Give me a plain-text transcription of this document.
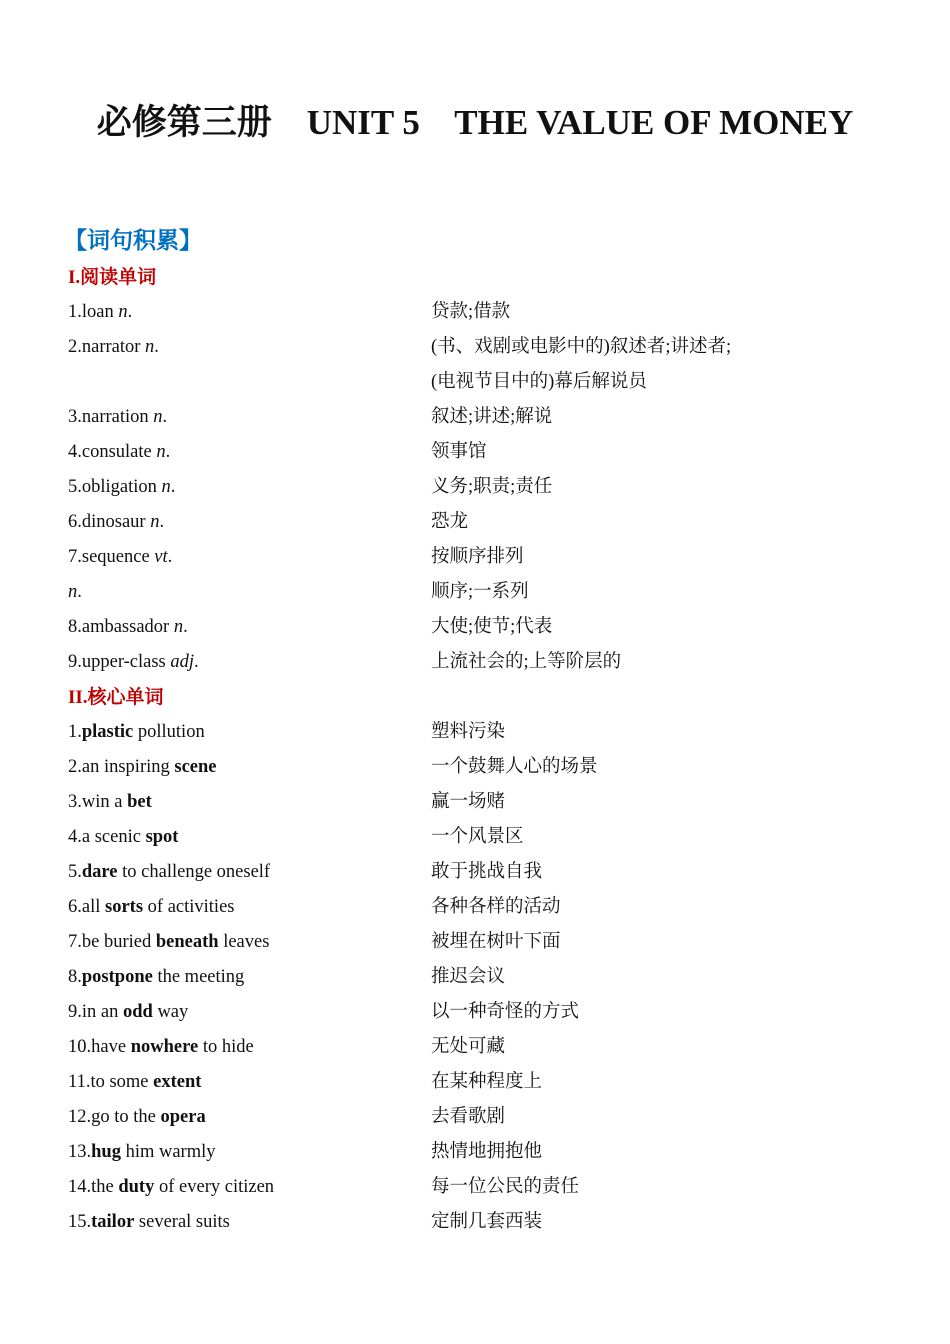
必修第三册 UNIT 5 THE VALUE OF MONEY
【词句积累】
I.阅读单词
1.loan n.	贷款;借款
2.narrator n.	(书、戏剧或电影中的)叙述者;讲述者;
(电视节目中的)幕后解说员
3.narration n.	叙述;讲述;解说
4.consulate n.	领事馆
5.obligation n.	义务;职责;责任
6.dinosaur n.	恐龙
7.sequence vt.	按顺序排列
n.	顺序;一系列
8.ambassador n.	大使;使节;代表
9.upper-class adj.	上流社会的;上等阶层的
II.核心单词
1.plastic pollution	塑料污染
2.an inspiring scene	一个鼓舞人心的场景
3.win a bet	赢一场赌
4.a scenic spot	一个风景区
5.dare to challenge oneself	敢于挑战自我
6.all sorts of activities	各种各样的活动
7.be buried beneath leaves	被埋在树叶下面
8.postpone the meeting	推迟会议
9.in an odd way	以一种奇怪的方式
10.have nowhere to hide	无处可藏
11.to some extent	在某种程度上
12.go to the opera	去看歌剧
13.hug him warmly	热情地拥抱他
14.the duty of every citizen	每一位公民的责任
15.tailor several suits	定制几套西装
